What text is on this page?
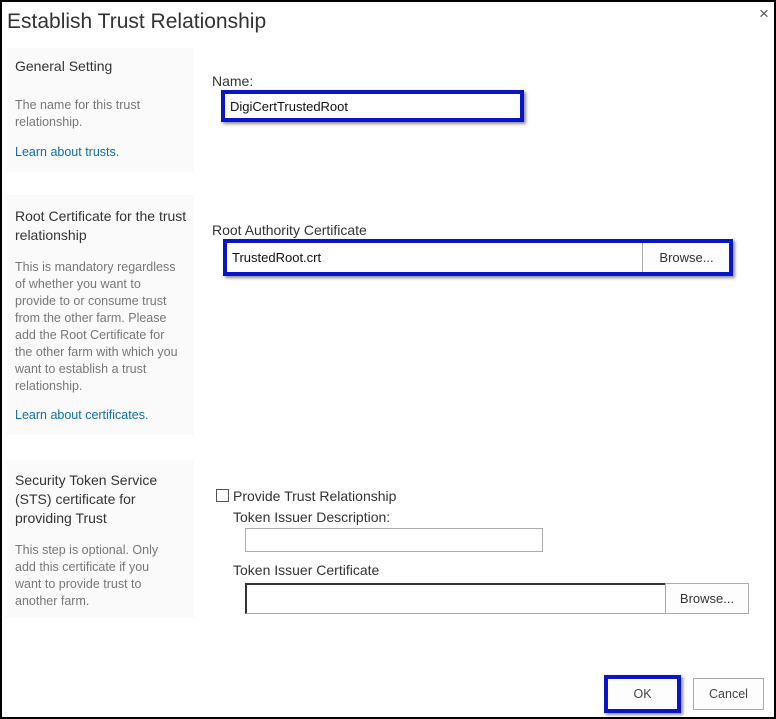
Establish Trust Relationship	×
General Setting
The name for this trust relationship.
Learn about trusts.
Name:
DigiCertTrustedRoot
Root Certificate for the trust relationship
This is mandatory regardless of whether you want to provide to or consume trust from the other farm. Please add the Root Certificate for the other farm with which you want to establish a trust relationship.
Learn about certificates.
Root Authority Certificate
TrustedRoot.crt
Browse...
Security Token Service (STS) certificate for providing Trust
This step is optional. Only add this certificate if you want to provide trust to another farm.
Provide Trust Relationship
Token Issuer Description:
Token Issuer Certificate
Browse...
OK	Cancel
